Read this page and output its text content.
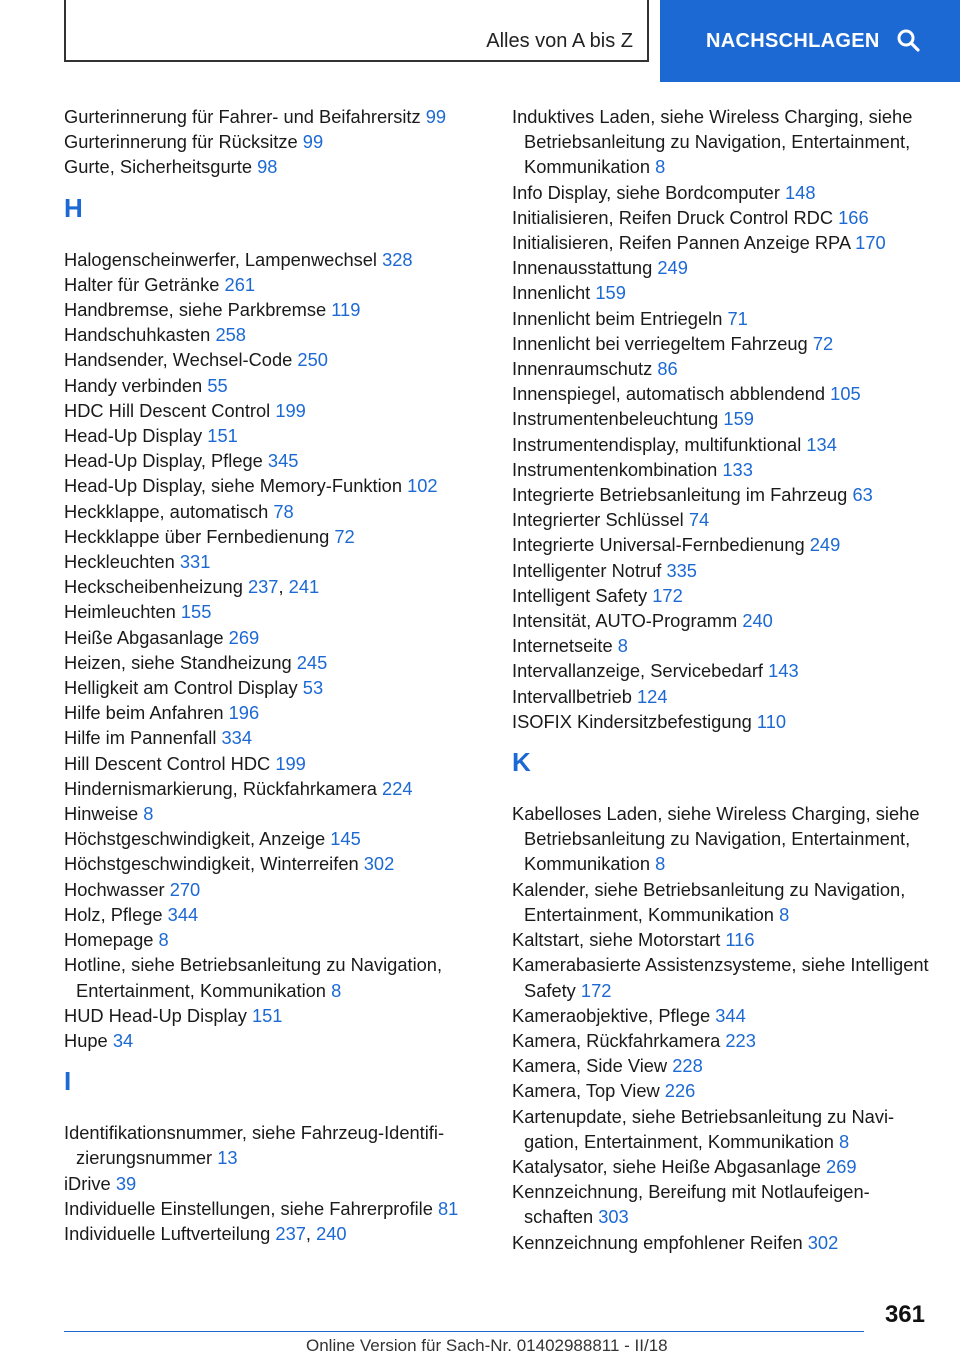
Alles von A bis Z	NACHSCHLAGEN
Gurterinnerung für Fahrer- und Beifahrersitz 99
Gurterinnerung für Rücksitze 99
Gurte, Sicherheitsgurte 98
H
Halogenscheinwerfer, Lampenwechsel 328
Halter für Getränke 261
Handbremse, siehe Parkbremse 119
Handschuhkasten 258
Handsender, Wechsel-Code 250
Handy verbinden 55
HDC Hill Descent Control 199
Head-Up Display 151
Head-Up Display, Pflege 345
Head-Up Display, siehe Memory-Funktion 102
Heckklappe, automatisch 78
Heckklappe über Fernbedienung 72
Heckleuchten 331
Heckscheibenheizung 237, 241
Heimleuchten 155
Heiße Abgasanlage 269
Heizen, siehe Standheizung 245
Helligkeit am Control Display 53
Hilfe beim Anfahren 196
Hilfe im Pannenfall 334
Hill Descent Control HDC 199
Hindernismarkierung, Rückfahrkamera 224
Hinweise 8
Höchstgeschwindigkeit, Anzeige 145
Höchstgeschwindigkeit, Winterreifen 302
Hochwasser 270
Holz, Pflege 344
Homepage 8
Hotline, siehe Betriebsanleitung zu Navigation, Entertainment, Kommunikation 8
HUD Head-Up Display 151
Hupe 34
I
Identifikationsnummer, siehe Fahrzeug-Identifizierungsnummer 13
iDrive 39
Individuelle Einstellungen, siehe Fahrerprofile 81
Individuelle Luftverteilung 237, 240
Induktives Laden, siehe Wireless Charging, siehe Betriebsanleitung zu Navigation, Entertainment, Kommunikation 8
Info Display, siehe Bordcomputer 148
Initialisieren, Reifen Druck Control RDC 166
Initialisieren, Reifen Pannen Anzeige RPA 170
Innenausstattung 249
Innenlicht 159
Innenlicht beim Entriegeln 71
Innenlicht bei verriegeltem Fahrzeug 72
Innenraumschutz 86
Innenspiegel, automatisch abblendend 105
Instrumentenbeleuchtung 159
Instrumentendisplay, multifunktional 134
Instrumentenkombination 133
Integrierte Betriebsanleitung im Fahrzeug 63
Integrierter Schlüssel 74
Integrierte Universal-Fernbedienung 249
Intelligenter Notruf 335
Intelligent Safety 172
Intensität, AUTO-Programm 240
Internetseite 8
Intervallanzeige, Servicebedarf 143
Intervallbetrieb 124
ISOFIX Kindersitzbefestigung 110
K
Kabelloses Laden, siehe Wireless Charging, siehe Betriebsanleitung zu Navigation, Entertainment, Kommunikation 8
Kalender, siehe Betriebsanleitung zu Navigation, Entertainment, Kommunikation 8
Kaltstart, siehe Motorstart 116
Kamerabasierte Assistenzsysteme, siehe Intelligent Safety 172
Kameraobjektive, Pflege 344
Kamera, Rückfahrkamera 223
Kamera, Side View 228
Kamera, Top View 226
Kartenupdate, siehe Betriebsanleitung zu Navigation, Entertainment, Kommunikation 8
Katalysator, siehe Heiße Abgasanlage 269
Kennzeichnung, Bereifung mit Notlaufeigenschaften 303
Kennzeichnung empfohlener Reifen 302
361
Online Version für Sach-Nr. 01402988811 - II/18
